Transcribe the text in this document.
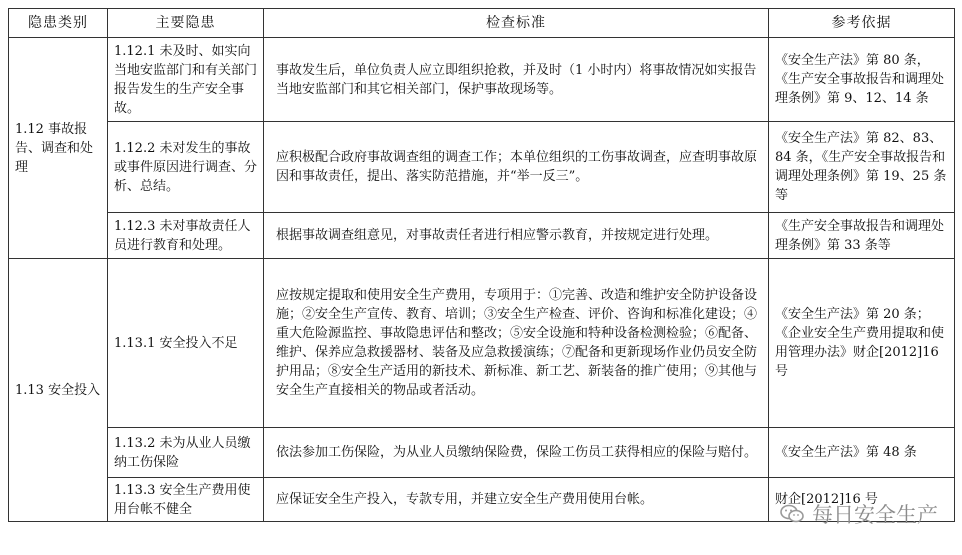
隐患类别	主要隐患	检查标准	参考依据
1.12 事故报告、调查和处理	1.12.1 未及时、如实向当地安监部门和有关部门报告发生的生产安全事故。	事故发生后，单位负责人应立即组织抢救，并及时（1 小时内）将事故情况如实报告当地安监部门和其它相关部门，保护事故现场等。	《安全生产法》第 80 条，《生产安全事故报告和调理处理条例》第 9、12、14 条
	1.12.2 未对发生的事故或事件原因进行调查、分析、总结。	应积极配合政府事故调查组的调查工作；本单位组织的工伤事故调查，应查明事故原因和事故责任，提出、落实防范措施，并“举一反三”。	《安全生产法》第 82、83、84 条，《生产安全事故报告和调理处理条例》第 19、25 条等
	1.12.3 未对事故责任人员进行教育和处理。	根据事故调查组意见，对事故责任者进行相应警示教育，并按规定进行处理。	《生产安全事故报告和调理处理条例》第 33 条等
1.13 安全投入	1.13.1 安全投入不足	应按规定提取和使用安全生产费用，专项用于：①完善、改造和维护安全防护设备设施；②安全生产宣传、教育、培训；③安全生产检查、评价、咨询和标准化建设；④重大危险源监控、事故隐患评估和整改；⑤安全设施和特种设备检测检验；⑥配备、维护、保养应急救援器材、装备及应急救援演练；⑦配备和更新现场作业仍员安全防护用品；⑧安全生产适用的新技术、新标准、新工艺、新装备的推广使用；⑨其他与安全生产直接相关的物品或者活动。	《安全生产法》第 20 条；《企业安全生产费用提取和使用管理办法》财企[2012]16 号
	1.13.2 未为从业人员缴纳工伤保险	依法参加工伤保险，为从业人员缴纳保险费，保险工伤员工获得相应的保险与赔付。	《安全生产法》第 48 条
	1.13.3 安全生产费用使用台帐不健全	应保证安全生产投入，专款专用，并建立安全生产费用使用台帐。	财企[2012]16 号
每日安全生产
